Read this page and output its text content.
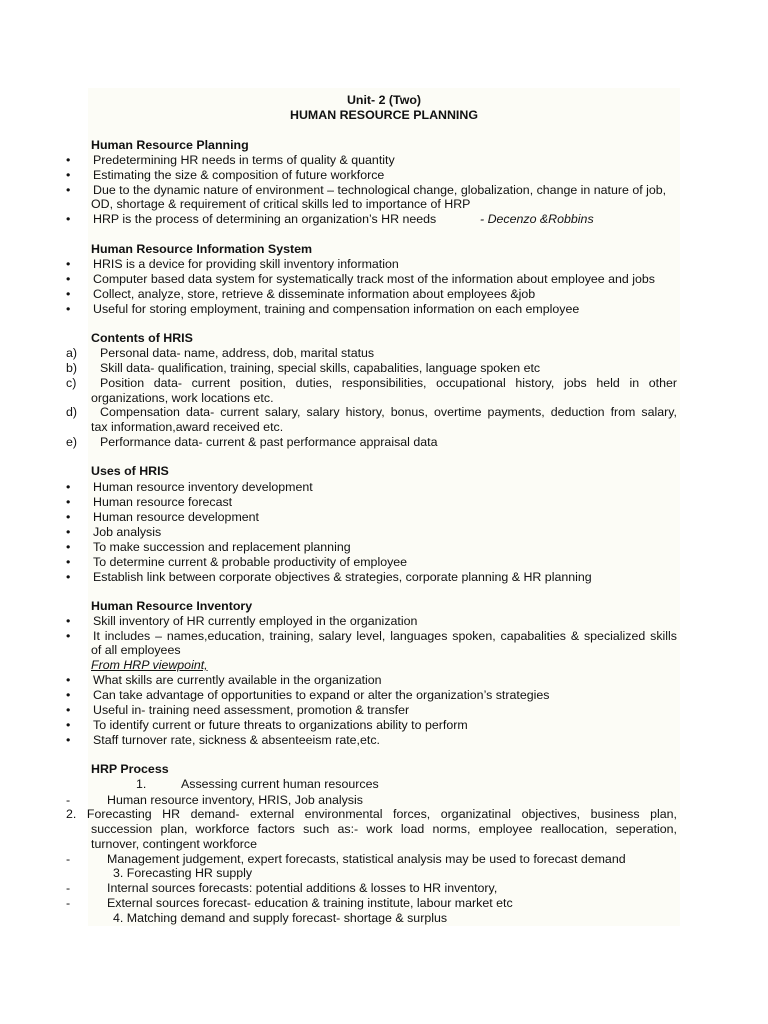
Unit- 2 (Two)
HUMAN RESOURCE PLANNING
Human Resource Planning
• Predetermining HR needs in terms of quality & quantity
• Estimating the size & composition of future workforce
• Due to the dynamic nature of environment – technological change, globalization, change in nature of job,
OD, shortage & requirement of critical skills led to importance of HRP
• HRP is the process of determining an organization’s HR needs	- Decenzo &Robbins
Human Resource Information System
• HRIS is a device for providing skill inventory information
• Computer based data system for systematically track most of the information about employee and jobs
• Collect, analyze, store, retrieve & disseminate information about employees &job
• Useful for storing employment, training and compensation information on each employee
Contents of HRIS
a) Personal data- name, address, dob, marital status
b) Skill data- qualification, training, special skills, capabalities, language spoken etc
c) Position data- current position, duties, responsibilities, occupational history, jobs held in other
organizations, work locations etc.
d) Compensation data- current salary, salary history, bonus, overtime payments, deduction from salary,
tax information,award received etc.
e) Performance data- current & past performance appraisal data
Uses of HRIS
• Human resource inventory development
• Human resource forecast
• Human resource development
• Job analysis
• To make succession and replacement planning
• To determine current & probable productivity of employee
• Establish link between corporate objectives & strategies, corporate planning & HR planning
Human Resource Inventory
• Skill inventory of HR currently employed in the organization
• It includes – names,education, training, salary level, languages spoken, capabalities & specialized skills
of all employees
From HRP viewpoint,
• What skills are currently available in the organization
• Can take advantage of opportunities to expand or alter the organization’s strategies
• Useful in- training need assessment, promotion & transfer
• To identify current or future threats to organizations ability to perform
• Staff turnover rate, sickness & absenteeism rate,etc.
HRP Process
1.	Assessing current human resources
-	Human resource inventory, HRIS, Job analysis
2. Forecasting HR demand- external environmental forces, organizatinal objectives, business plan,
succession plan, workforce factors such as:- work load norms, employee reallocation, seperation,
turnover, contingent workforce
-	Management judgement, expert forecasts, statistical analysis may be used to forecast demand
3. Forecasting HR supply
-	Internal sources forecasts: potential additions & losses to HR inventory,
-	External sources forecast- education & training institute, labour market etc
4. Matching demand and supply forecast- shortage & surplus
